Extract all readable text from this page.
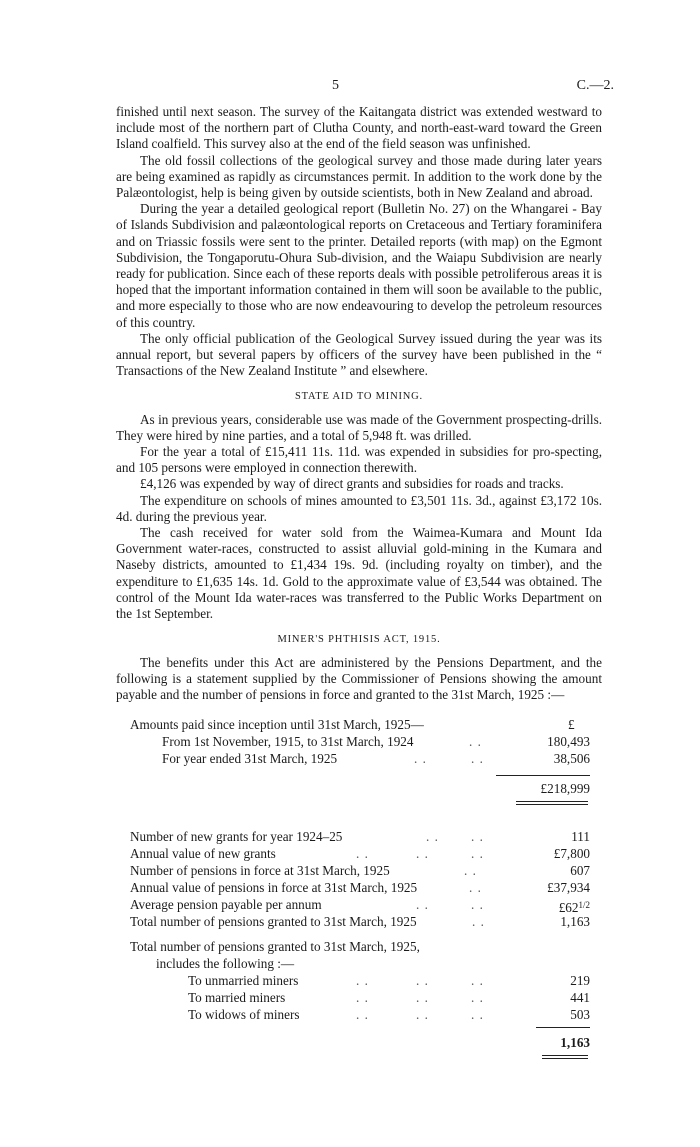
5	C.—2.

finished until next season. The survey of the Kaitangata district was extended westward to include most of the northern part of Clutha County, and north-east-ward toward the Green Island coalfield. This survey also at the end of the field season was unfinished.

The old fossil collections of the geological survey and those made during later years are being examined as rapidly as circumstances permit. In addition to the work done by the Palæontologist, help is being given by outside scientists, both in New Zealand and abroad.

During the year a detailed geological report (Bulletin No. 27) on the Whangarei - Bay of Islands Subdivision and palæontological reports on Cretaceous and Tertiary foraminifera and on Triassic fossils were sent to the printer. Detailed reports (with map) on the Egmont Subdivision, the Tongaporutu-Ohura Sub-division, and the Waiapu Subdivision are nearly ready for publication. Since each of these reports deals with possible petroliferous areas it is hoped that the important information contained in them will soon be available to the public, and more especially to those who are now endeavouring to develop the petroleum resources of this country.

The only official publication of the Geological Survey issued during the year was its annual report, but several papers by officers of the survey have been published in the “ Transactions of the New Zealand Institute ” and elsewhere.

STATE AID TO MINING.

As in previous years, considerable use was made of the Government prospecting-drills. They were hired by nine parties, and a total of 5,948 ft. was drilled.

For the year a total of £15,411 11s. 11d. was expended in subsidies for pro-specting, and 105 persons were employed in connection therewith.

£4,126 was expended by way of direct grants and subsidies for roads and tracks.

The expenditure on schools of mines amounted to £3,501 11s. 3d., against £3,172 10s. 4d. during the previous year.

The cash received for water sold from the Waimea-Kumara and Mount Ida Government water-races, constructed to assist alluvial gold-mining in the Kumara and Naseby districts, amounted to £1,434 19s. 9d. (including royalty on timber), and the expenditure to £1,635 14s. 1d. Gold to the approximate value of £3,544 was obtained. The control of the Mount Ida water-races was transferred to the Public Works Department on the 1st September.

MINER'S PHTHISIS ACT, 1915.

The benefits under this Act are administered by the Pensions Department, and the following is a statement supplied by the Commissioner of Pensions showing the amount payable and the number of pensions in force and granted to the 31st March, 1925 :—

Amounts paid since inception until 31st March, 1925—	£
From 1st November, 1915, to 31st March, 1924	. .	180,493
For year ended 31st March, 1925	. .	. .	38,506
£218,999
Number of new grants for year 1924–25	. . . .	111
Annual value of new grants	. .	. .	. .	£7,800
Number of pensions in force at 31st March, 1925	. .	607
Annual value of pensions in force at 31st March, 1925	. .	£37,934
Average pension payable per annum	. .	. .	$£62^{1/2}$
Total number of pensions granted to 31st March, 1925	. .	1,163
Total number of pensions granted to 31st March, 1925,
includes the following :—
To unmarried miners	. .	. .	. .	219
To married miners	. .	. .	. .	441
To widows of miners	. .	. .	. .	503
1,163
